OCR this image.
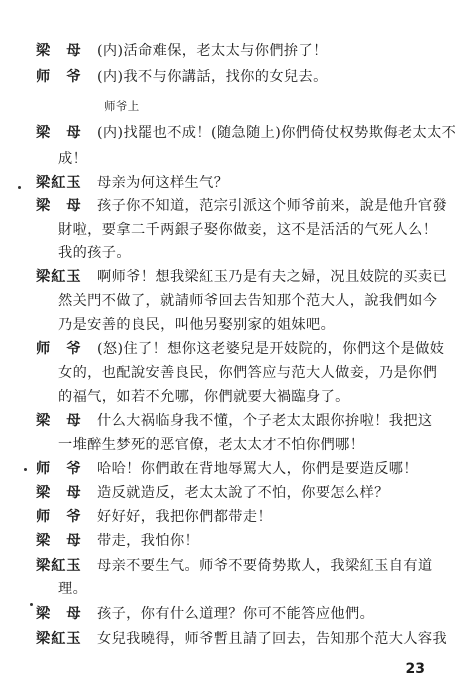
23
梁　母 (内)活命难保，老太太与你們拚了！
师　爷 (内)我不与你講話，找你的女兒去。
师爷上
梁　母 (内)找罷也不成！(随急随上)你們倚仗权势欺侮老太太不
成！
梁紅玉 母亲为何这样生气？
梁　母 孩子你不知道，范宗引派这个师爷前来，說是他升官發
財啦，要拿二千两銀子娶你做妾，这不是活活的气死人么！
我的孩子。
梁紅玉 啊师爷！想我梁紅玉乃是有夫之婦，况且妓院的买卖已
然关門不做了，就請师爷回去告知那个范大人，說我們如今
乃是安善的良民，叫他另娶别家的姐妹吧。
师　爷 (怒)住了！想你这老婆兒是开妓院的，你們这个是做妓
女的，也配說安善良民，你們答应与范大人做妾，乃是你們
的福气，如若不允哪，你們就要大禍臨身了。
梁　母 什么大祸临身我不懂，个子老太太跟你拚啦！我把这
一堆醉生梦死的恶官僚，老太太才不怕你們哪！
师　爷 哈哈！你們敢在背地辱罵大人，你們是要造反哪！
梁　母 造反就造反，老太太說了不怕，你要怎么样？
师　爷 好好好，我把你們都带走！
梁　母 带走，我怕你！
梁紅玉 母亲不要生气。师爷不要倚势欺人，我梁紅玉自有道
理。
梁　母 孩子，你有什么道理？你可不能答应他們。
梁紅玉 女兒我曉得，师爷暫且請了回去，告知那个范大人容我
